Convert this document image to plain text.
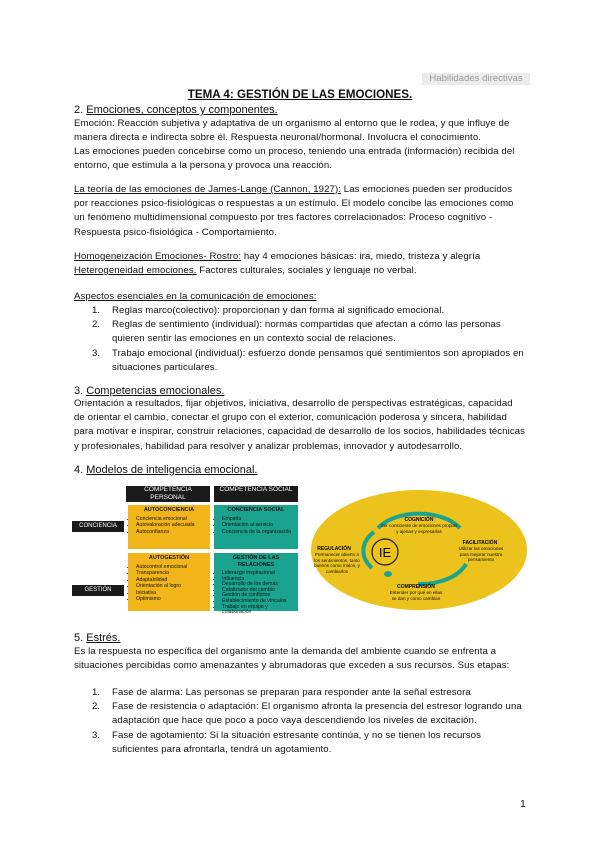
Habilidades directivas
TEMA 4: GESTIÓN DE LAS EMOCIONES.
2. Emociones, conceptos y componentes.
Emoción: Reacción subjetiva y adaptativa de un organismo al entorno que le rodea, y que influye de manera directa e indirecta sobre él. Respuesta neuronal/hormonal. Involucra el conocimiento.
Las emociones pueden concebirse como un proceso, teniendo una entrada (información) recibida del entorno, que estimula a la persona y provoca una reacción.
La teoría de las emociones de James-Lange (Cannon, 1927): Las emociones pueden ser producidos por reacciones psico-fisiológicas o respuestas a un estímulo. El modelo concibe las emociones como un fenómeno multidimensional compuesto por tres factores correlacionados: Proceso cognitivo - Respuesta psico-fisiológica - Comportamiento.
Homogeneización Emociones- Rostro: hay 4 emociones básicas: ira, miedo, tristeza y alegría
Heterogeneidad emociones. Factores culturales, sociales y lenguaje no verbal.
Aspectos esenciales en la comunicación de emociones:
1. Reglas marco(colectivo): proporcionan y dan forma al significado emocional.
2. Reglas de sentimiento (individual): normas compartidas que afectan a cómo las personas quieren sentir las emociones en un contexto social de relaciones.
3. Trabajo emocional (individual): esfuerzo donde pensamos qué sentimientos son apropiados en situaciones particulares.
3. Competencias emocionales.
Orientación a resultados, fijar objetivos, iniciativa, desarrollo de perspectivas estratégicas, capacidad de orientar el cambio, conectar el grupo con el exterior, comunicación poderosa y sincera, habilidad para motivar e inspirar, construir relaciones, capacidad de desarrollo de los socios, habilidades técnicas y profesionales, habilidad para resolver y analizar problemas, innovador y autodesarrollo.
4. Modelos de inteligencia emocional.
COMPETENCIA PERSONAL
COMPETENCIA SOCIAL
CONCIENCIA
GESTIÓN
AUTOCONCIENCIA
• Conciencia emocional
• Autovaloración adecuada
• Autoconfianza
CONCIENCIA SOCIAL
• Empatía
• Orientación al servicio
• Conciencia de la organización
AUTOGESTIÓN
• Autocontrol emocional
• Transparencia
• Adaptabilidad
• Orientación al logro
• Iniciativa
• Optimismo
GESTIÓN DE LAS RELACIONES
• Liderazgo inspiracional
• Influencia
• Desarrollo de los demás
• Catalizador del cambio
• Gestión de conflictos
• Establecimiento de vínculos
• Trabajo en equipo y colaboración
IE
COGNICIÓN
Ser consciente de emociones propias y ajenas y expresarlas
FACILITACIÓN
Utilizar las emociones para mejorar nuestro pensamiento
COMPRENSIÓN
Entender por qué en ellas se dan y como cambian
REGULACIÓN
Permanecer abierto a los sentimientos, tanto buenos como malos, y cambiarlos
5. Estrés.
Es la respuesta no específica del organismo ante la demanda del ambiente cuando se enfrenta a situaciones percibidas como amenazantes y abrumadoras que exceden a sus recursos. Sus etapas:
1. Fase de alarma: Las personas se preparan para responder ante la señal estresora
2. Fase de resistencia o adaptación: El organismo afronta la presencia del estresor logrando una adaptación que hace que poco a poco vaya descendiendo los niveles de excitación.
3. Fase de agotamiento: Si la situación estresante continúa, y no se tienen los recursos suficientes para afrontarla, tendrá un agotamiento.
1
